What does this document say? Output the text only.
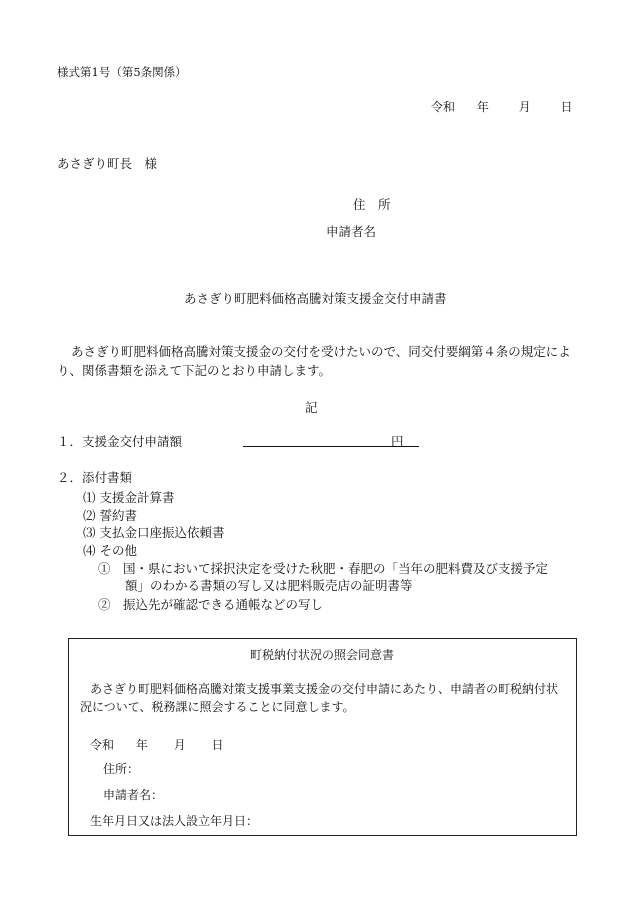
様式第1号（第5条関係）
令和 年 月 日
あさぎり町長　様
住　所
申請者名
あさぎり町肥料価格高騰対策支援金交付申請書
あさぎり町肥料価格高騰対策支援金の交付を受けたいので、同交付要綱第４条の規定により、関係書類を添えて下記のとおり申請します。
記
１．支援金交付申請額	円
２．添付書類
⑴ 支援金計算書
⑵ 誓約書
⑶ 支払金口座振込依頼書
⑷ その他
①　国・県において採択決定を受けた秋肥・春肥の「当年の肥料費及び支援予定
額」のわかる書類の写し又は肥料販売店の証明書等
②　振込先が確認できる通帳などの写し
町税納付状況の照会同意書
あさぎり町肥料価格高騰対策支援事業支援金の交付申請にあたり、申請者の町税納付状況について、税務課に照会することに同意します。
令和 年 月 日
住所：
申請者名：
生年月日又は法人設立年月日：
